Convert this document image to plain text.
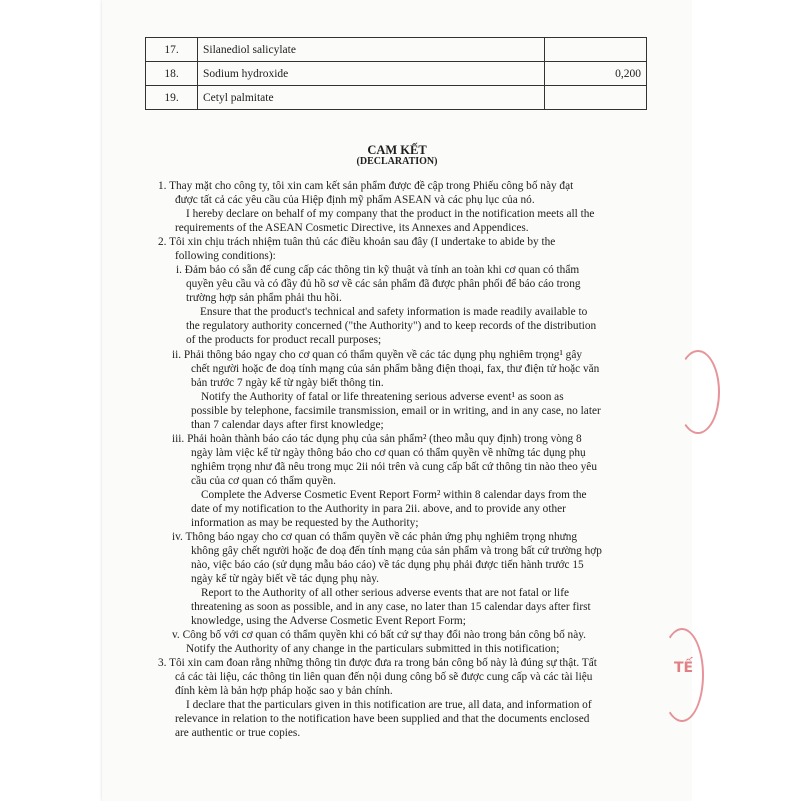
TẾ
17.	Silanediol salicylate	
18.	Sodium hydroxide	0,200
19.	Cetyl palmitate	
CAM KẾT
(DECLARATION)
1. Thay mặt cho công ty, tôi xin cam kết sản phẩm được đề cập trong Phiếu công bố này đạt
được tất cả các yêu cầu của Hiệp định mỹ phẩm ASEAN và các phụ lục của nó.
I hereby declare on behalf of my company that the product in the notification meets all the
requirements of the ASEAN Cosmetic Directive, its Annexes and Appendices.
2. Tôi xin chịu trách nhiệm tuân thủ các điều khoản sau đây (I undertake to abide by the
following conditions):
i. Đảm bảo có sẵn để cung cấp các thông tin kỹ thuật và tính an toàn khi cơ quan có thẩm
quyền yêu cầu và có đầy đủ hồ sơ về các sản phẩm đã được phân phối để báo cáo trong
trường hợp sản phẩm phải thu hồi.
Ensure that the product's technical and safety information is made readily available to
the regulatory authority concerned ("the Authority") and to keep records of the distribution
of the products for product recall purposes;
ii. Phải thông báo ngay cho cơ quan có thẩm quyền về các tác dụng phụ nghiêm trọng¹ gây
chết người hoặc đe doạ tính mạng của sản phẩm bằng điện thoại, fax, thư điện tử hoặc văn
bản trước 7 ngày kể từ ngày biết thông tin.
Notify the Authority of fatal or life threatening serious adverse event¹ as soon as
possible by telephone, facsimile transmission, email or in writing, and in any case, no later
than 7 calendar days after first knowledge;
iii. Phải hoàn thành báo cáo tác dụng phụ của sản phẩm² (theo mẫu quy định) trong vòng 8
ngày làm việc kể từ ngày thông báo cho cơ quan có thẩm quyền về những tác dụng phụ
nghiêm trọng như đã nêu trong mục 2ii nói trên và cung cấp bất cứ thông tin nào theo yêu
cầu của cơ quan có thẩm quyền.
Complete the Adverse Cosmetic Event Report Form² within 8 calendar days from the
date of my notification to the Authority in para 2ii. above, and to provide any other
information as may be requested by the Authority;
iv. Thông báo ngay cho cơ quan có thẩm quyền về các phản ứng phụ nghiêm trọng nhưng
không gây chết người hoặc đe doạ đến tính mạng của sản phẩm và trong bất cứ trường hợp
nào, việc báo cáo (sử dụng mẫu báo cáo) về tác dụng phụ phải được tiến hành trước 15
ngày kể từ ngày biết về tác dụng phụ này.
Report to the Authority of all other serious adverse events that are not fatal or life
threatening as soon as possible, and in any case, no later than 15 calendar days after first
knowledge, using the Adverse Cosmetic Event Report Form;
v. Công bố với cơ quan có thẩm quyền khi có bất cứ sự thay đổi nào trong bản công bố này.
Notify the Authority of any change in the particulars submitted in this notification;
3. Tôi xin cam đoan rằng những thông tin được đưa ra trong bản công bố này là đúng sự thật. Tất
cả các tài liệu, các thông tin liên quan đến nội dung công bố sẽ được cung cấp và các tài liệu
đính kèm là bản hợp pháp hoặc sao y bản chính.
I declare that the particulars given in this notification are true, all data, and information of
relevance in relation to the notification have been supplied and that the documents enclosed
are authentic or true copies.
